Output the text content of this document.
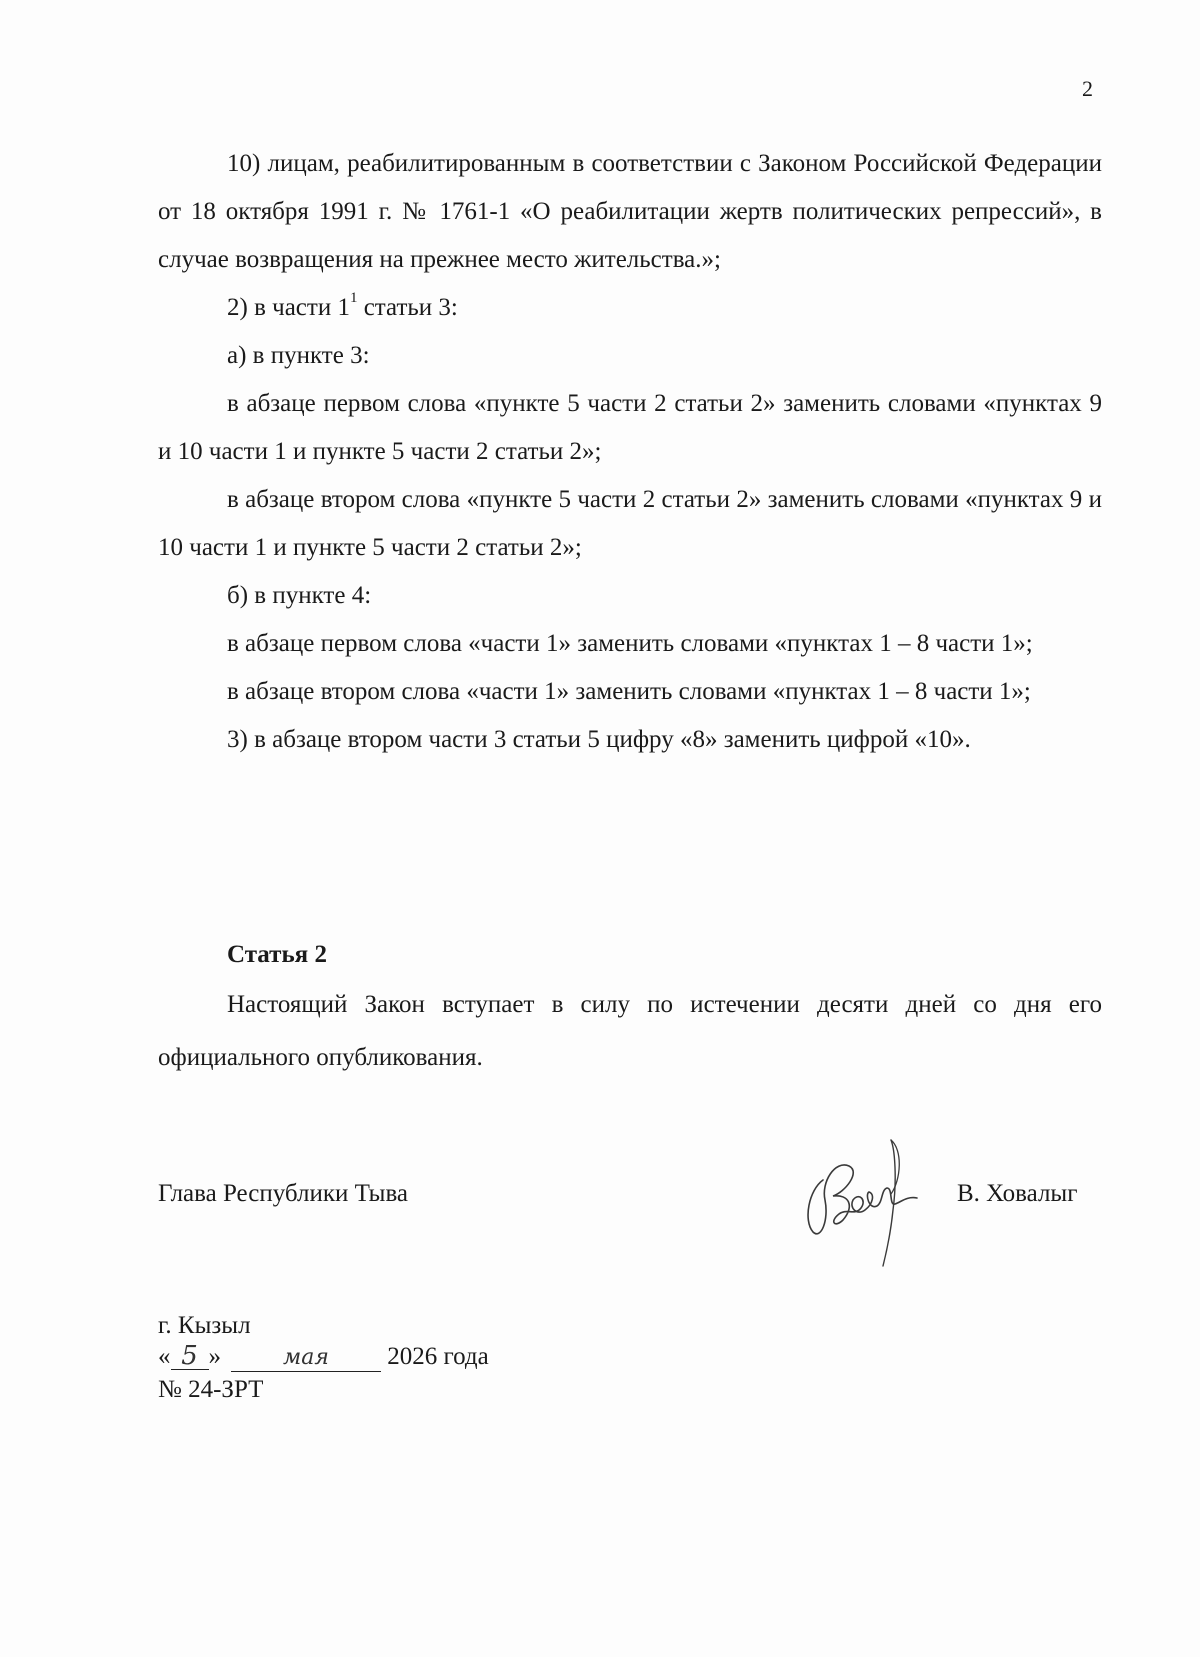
2

10) лицам, реабилитированным в соответствии с Законом Российской Федерации от 18 октября 1991 г. № 1761-1 «О реабилитации жертв политических репрессий», в случае возвращения на прежнее место жительства.»;

2) в части $1^1$ статьи 3:

а) в пункте 3:

в абзаце первом слова «пункте 5 части 2 статьи 2» заменить словами «пунктах 9 и 10 части 1 и пункте 5 части 2 статьи 2»;

в абзаце втором слова «пункте 5 части 2 статьи 2» заменить словами «пунктах 9 и 10 части 1 и пункте 5 части 2 статьи 2»;

б) в пункте 4:

в абзаце первом слова «части 1» заменить словами «пунктах 1 – 8 части 1»;

в абзаце втором слова «части 1» заменить словами «пунктах 1 – 8 части 1»;

3) в абзаце втором части 3 статьи 5 цифру «8» заменить цифрой «10».

Статья 2

Настоящий Закон вступает в силу по истечении десяти дней со дня его официального опубликования.

Глава Республики Тыва	В. Ховалыг
г. Кызыл
« 5 »	мая 2026 года
№ 24-ЗРТ
